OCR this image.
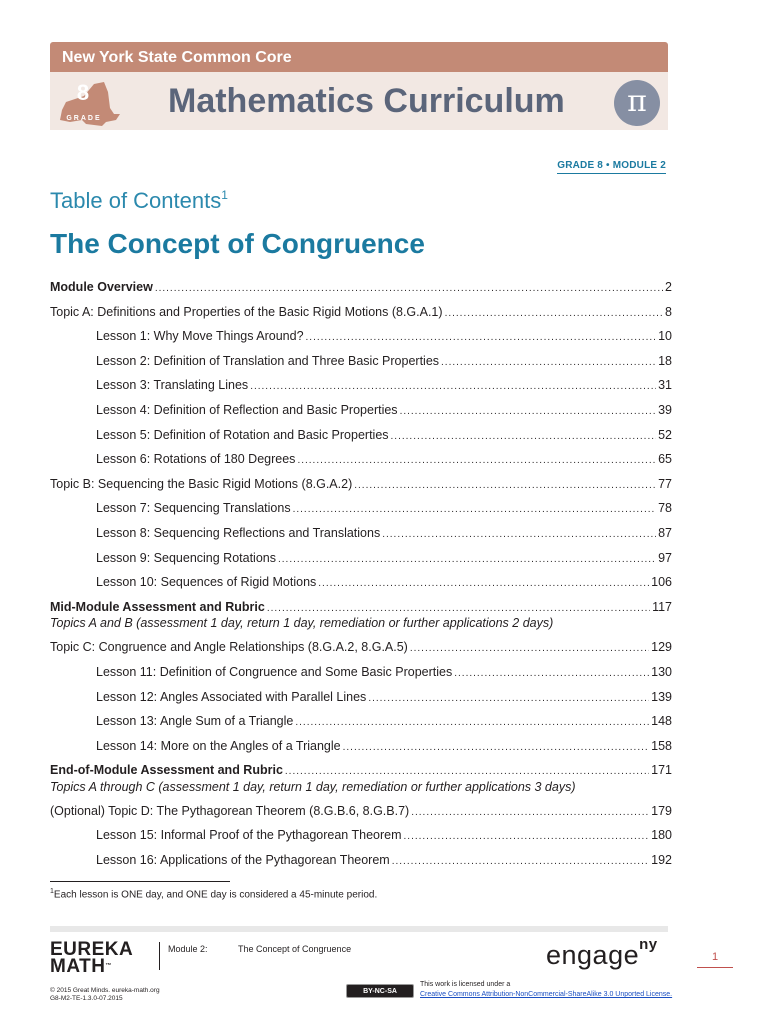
New York State Common Core
8
GRADE Mathematics Curriculum	π
GRADE 8 • MODULE 2
Table of Contents$^1$
The Concept of Congruence
Module Overview .....	2
Topic A: Definitions and Properties of the Basic Rigid Motions (8.G.A.1) .....	8
Lesson 1: Why Move Things Around? .....	10
Lesson 2: Definition of Translation and Three Basic Properties .....	18
Lesson 3: Translating Lines .....	31
Lesson 4: Definition of Reflection and Basic Properties .....	39
Lesson 5: Definition of Rotation and Basic Properties .....	52
Lesson 6: Rotations of 180 Degrees .....	65
Topic B: Sequencing the Basic Rigid Motions (8.G.A.2) .....	77
Lesson 7: Sequencing Translations .....	78
Lesson 8: Sequencing Reflections and Translations .....	87
Lesson 9: Sequencing Rotations .....	97
Lesson 10: Sequences of Rigid Motions .....	106
Mid-Module Assessment and Rubric .....	117
Topics A and B (assessment 1 day, return 1 day, remediation or further applications 2 days)
Topic C: Congruence and Angle Relationships (8.G.A.2, 8.G.A.5) .....	129
Lesson 11: Definition of Congruence and Some Basic Properties .....	130
Lesson 12: Angles Associated with Parallel Lines .....	139
Lesson 13: Angle Sum of a Triangle .....	148
Lesson 14: More on the Angles of a Triangle .....	158
End-of-Module Assessment and Rubric .....	171
Topics A through C (assessment 1 day, return 1 day, remediation or further applications 3 days)
(Optional) Topic D: The Pythagorean Theorem (8.G.B.6, 8.G.B.7) .....	179
Lesson 15: Informal Proof of the Pythagorean Theorem .....	180
Lesson 16: Applications of the Pythagorean Theorem .....	192
$^1$Each lesson is ONE day, and ONE day is considered a 45-minute period.
EUREKA
MATH™
Module 2:	The Concept of Congruence	engage$^{ny}$
1
© 2015 Great Minds. eureka-math.org
G8-M2-TE-1.3.0-07.2015
BY-NC-SA
This work is licensed under a
Creative Commons Attribution-NonCommercial-ShareAlike 3.0 Unported License.
